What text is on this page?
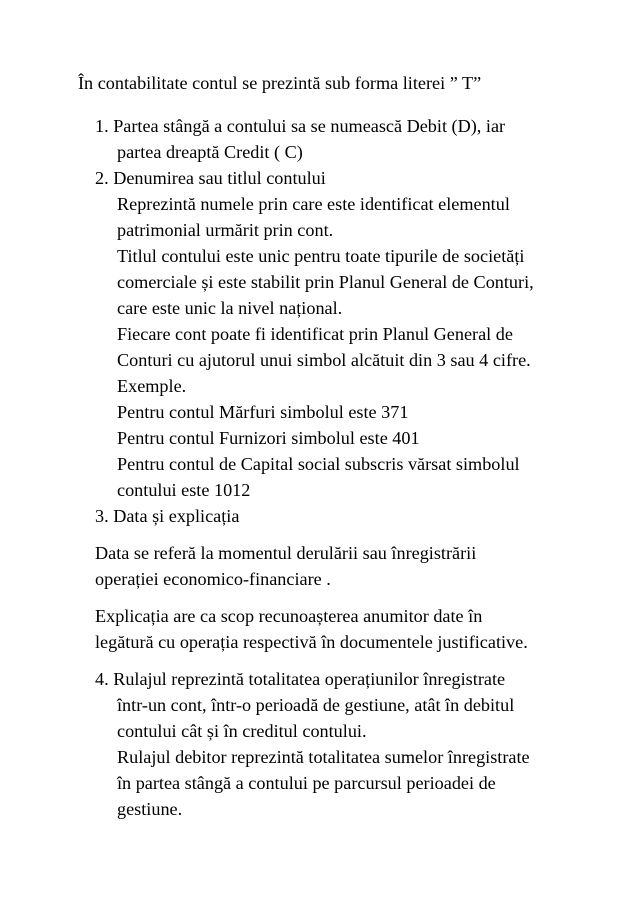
În contabilitate contul se prezintă sub forma literei ” T”
1. Partea stângă a contului sa se numească Debit (D), iar
partea dreaptă Credit ( C)
2. Denumirea sau titlul contului
Reprezintă numele prin care este identificat elementul
patrimonial urmărit prin cont.
Titlul contului este unic pentru toate tipurile de societăți
comerciale și este stabilit prin Planul General de Conturi,
care este unic la nivel național.
Fiecare cont poate fi identificat prin Planul General de
Conturi cu ajutorul unui simbol alcătuit din 3 sau 4 cifre.
Exemple.
Pentru contul Mărfuri simbolul este 371
Pentru contul Furnizori simbolul este 401
Pentru contul de Capital social subscris vărsat simbolul
contului este 1012
3. Data și explicația
Data se referă la momentul derulării sau înregistrării
operației economico-financiare .
Explicația are ca scop recunoașterea anumitor date în
legătură cu operația respectivă în documentele justificative.
4. Rulajul reprezintă totalitatea operațiunilor înregistrate
într-un cont, într-o perioadă de gestiune, atât în debitul
contului cât și în creditul contului.
Rulajul debitor reprezintă totalitatea sumelor înregistrate
în partea stângă a contului pe parcursul perioadei de
gestiune.
